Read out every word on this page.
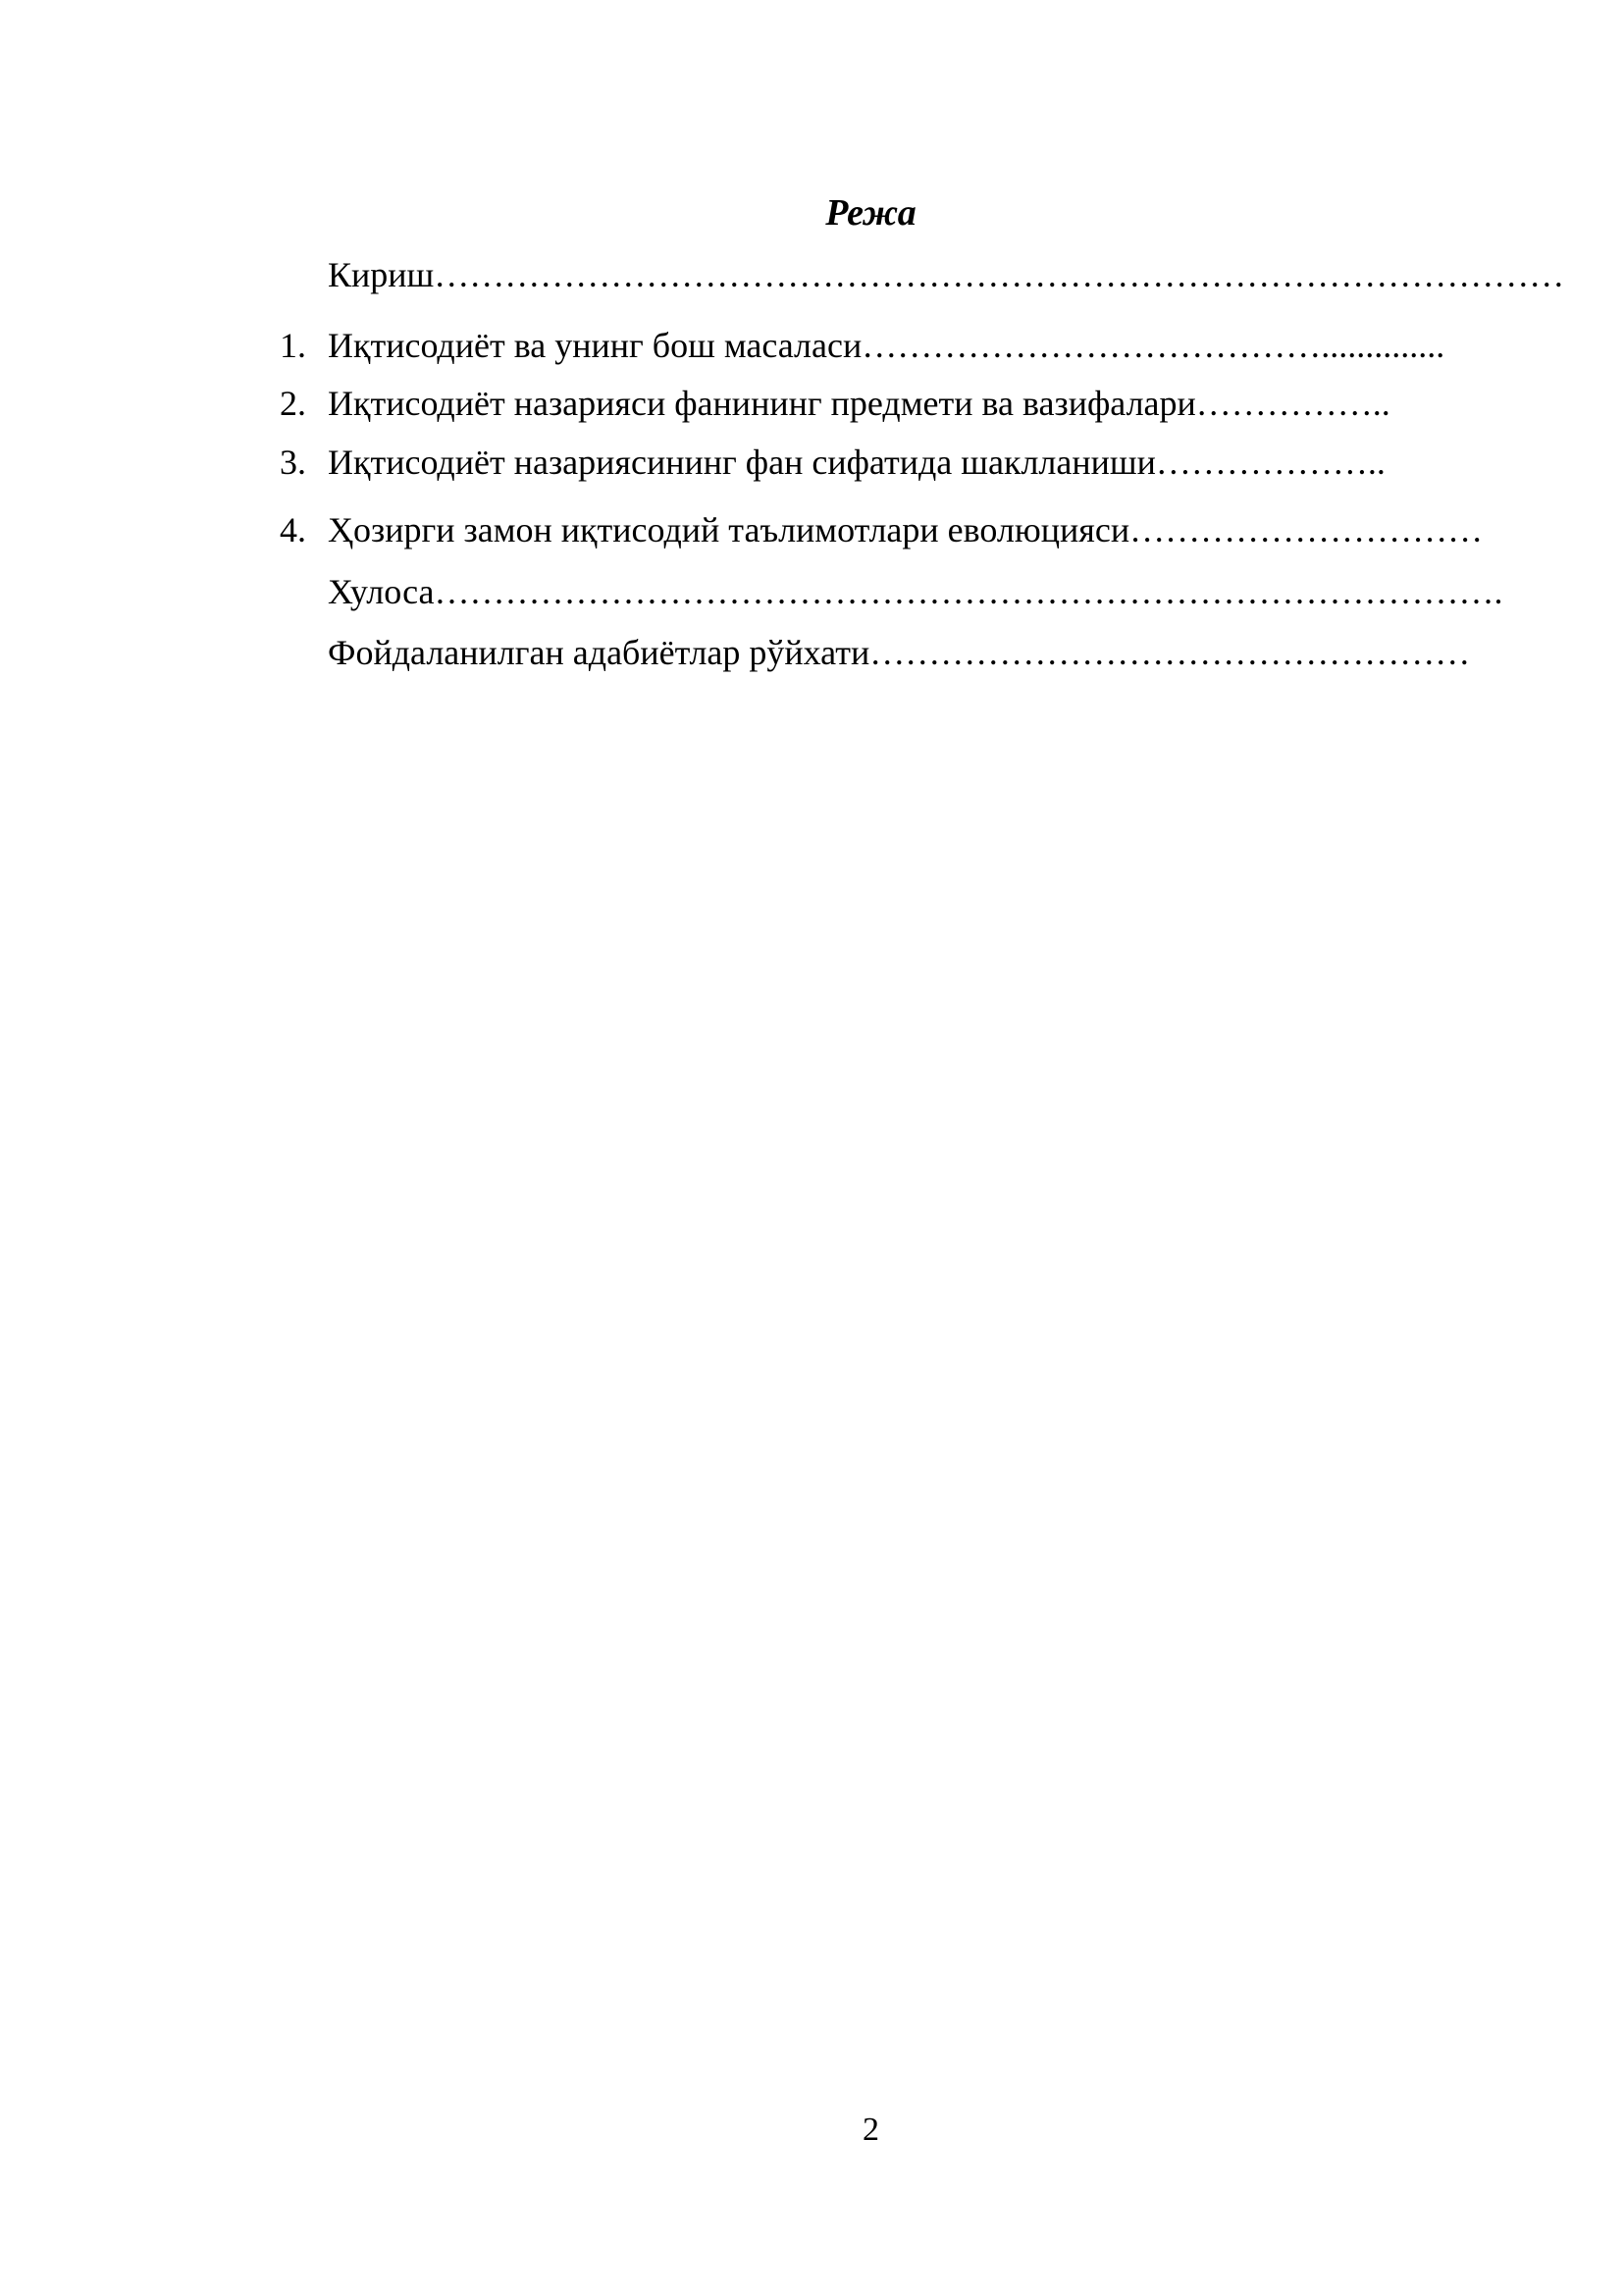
Режа
Кириш……………………………………………………………………………………
1. Иқтисодиёт ва унинг бош масаласи…………………………………..............
2. Иқтисодиёт назарияси фанининг предмети ва вазифалари……………..
3. Иқтисодиёт назариясининг фан сифатида шаклланиши………………..
4. Ҳозирги замон иқтисодий таълимотлари еволюцияси…………………………
Хулоса……………………………………………………………………………….
Фойдаланилган адабиётлар рўйхати……………………………………………
2
